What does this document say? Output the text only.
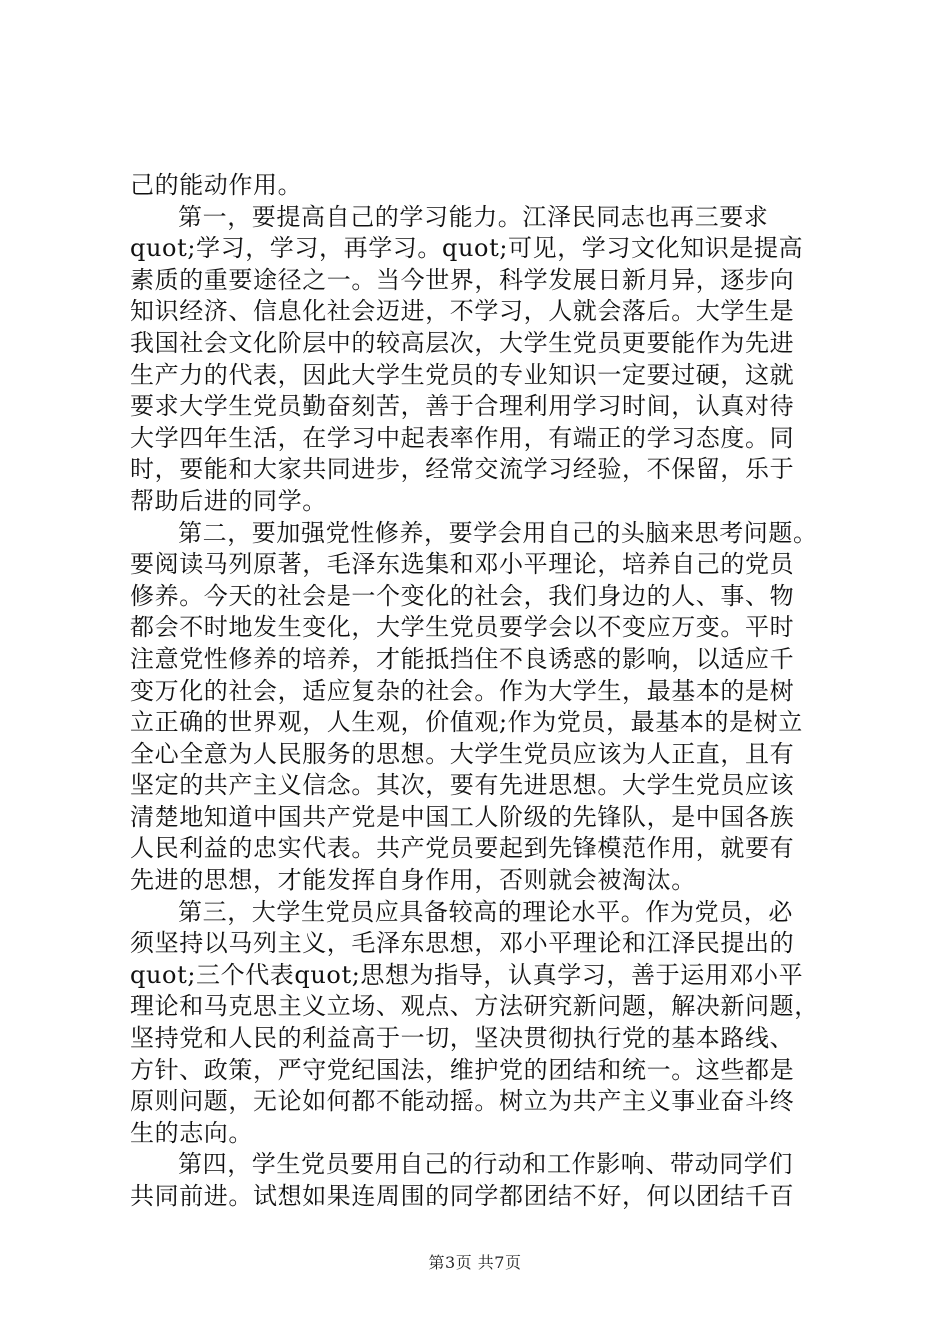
己的能动作用。
第一，要提高自己的学习能力。江泽民同志也再三要求
quot;学习，学习，再学习。quot;可见，学习文化知识是提高
素质的重要途径之一。当今世界，科学发展日新月异，逐步向
知识经济、信息化社会迈进，不学习，人就会落后。大学生是
我国社会文化阶层中的较高层次，大学生党员更要能作为先进
生产力的代表，因此大学生党员的专业知识一定要过硬，这就
要求大学生党员勤奋刻苦，善于合理利用学习时间，认真对待
大学四年生活，在学习中起表率作用，有端正的学习态度。同
时，要能和大家共同进步，经常交流学习经验，不保留，乐于
帮助后进的同学。
第二，要加强党性修养，要学会用自己的头脑来思考问题。
要阅读马列原著，毛泽东选集和邓小平理论，培养自己的党员
修养。今天的社会是一个变化的社会，我们身边的人、事、物
都会不时地发生变化，大学生党员要学会以不变应万变。平时
注意党性修养的培养，才能抵挡住不良诱惑的影响，以适应千
变万化的社会，适应复杂的社会。作为大学生，最基本的是树
立正确的世界观，人生观，价值观;作为党员，最基本的是树立
全心全意为人民服务的思想。大学生党员应该为人正直，且有
坚定的共产主义信念。其次，要有先进思想。大学生党员应该
清楚地知道中国共产党是中国工人阶级的先锋队，是中国各族
人民利益的忠实代表。共产党员要起到先锋模范作用，就要有
先进的思想，才能发挥自身作用，否则就会被淘汰。
第三，大学生党员应具备较高的理论水平。作为党员，必
须坚持以马列主义，毛泽东思想，邓小平理论和江泽民提出的
quot;三个代表quot;思想为指导，认真学习，善于运用邓小平
理论和马克思主义立场、观点、方法研究新问题，解决新问题，
坚持党和人民的利益高于一切，坚决贯彻执行党的基本路线、
方针、政策，严守党纪国法，维护党的团结和统一。这些都是
原则问题，无论如何都不能动摇。树立为共产主义事业奋斗终
生的志向。
第四，学生党员要用自己的行动和工作影响、带动同学们
共同前进。试想如果连周围的同学都团结不好，何以团结千百
第3页 共7页
